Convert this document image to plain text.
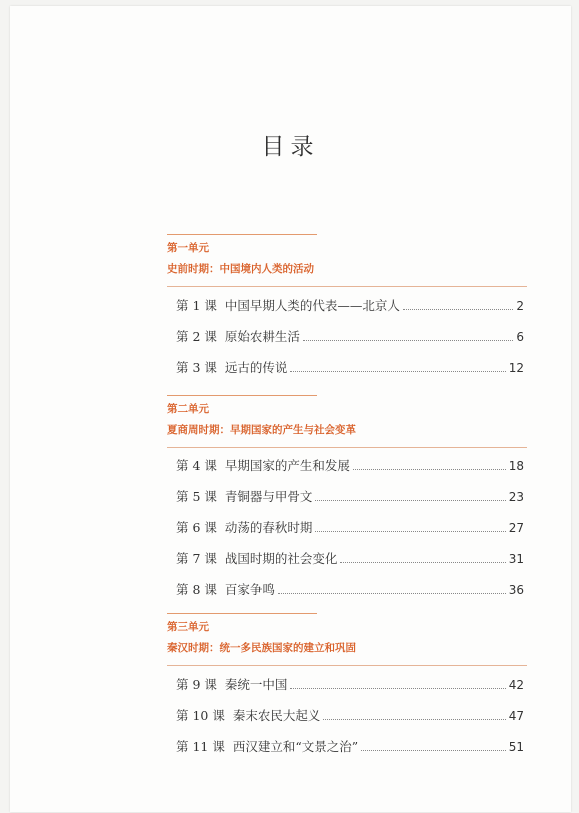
目录
第一单元
史前时期：中国境内人类的活动
第 1 课 中国早期人类的代表——北京人	2
第 2 课 原始农耕生活	6
第 3 课 远古的传说	12
第二单元
夏商周时期：早期国家的产生与社会变革
第 4 课 早期国家的产生和发展	18
第 5 课 青铜器与甲骨文	23
第 6 课 动荡的春秋时期	27
第 7 课 战国时期的社会变化	31
第 8 课 百家争鸣	36
第三单元
秦汉时期：统一多民族国家的建立和巩固
第 9 课 秦统一中国	42
第 10 课 秦末农民大起义	47
第 11 课 西汉建立和“文景之治”	51
